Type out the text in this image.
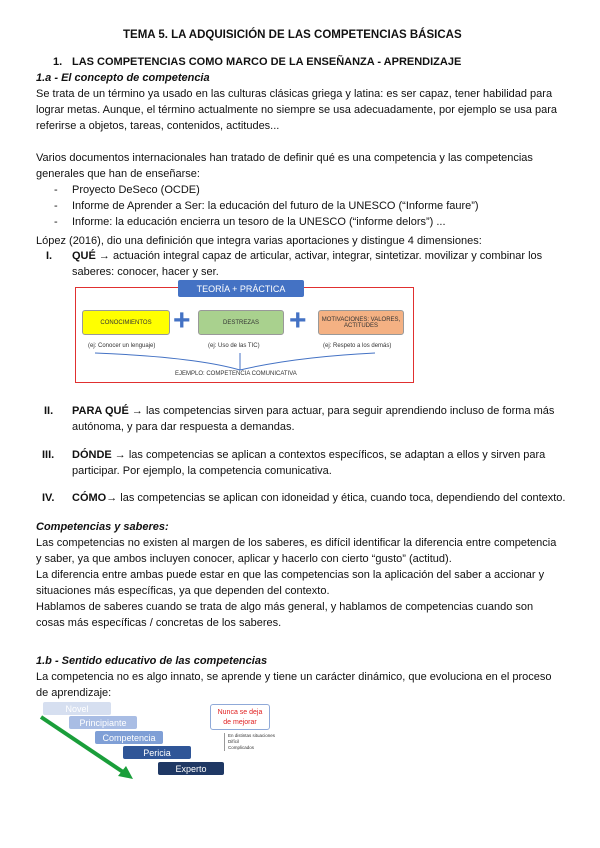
TEMA 5. LA ADQUISICIÓN DE LAS COMPETENCIAS BÁSICAS
1. LAS COMPETENCIAS COMO MARCO DE LA ENSEÑANZA - APRENDIZAJE
1.a - El concepto de competencia
Se trata de un término ya usado en las culturas clásicas griega y latina: es ser capaz, tener habilidad para
lograr metas. Aunque, el término actualmente no siempre se usa adecuadamente, por ejemplo se usa para
referirse a objetos, tareas, contenidos, actitudes...
Varios documentos internacionales han tratado de definir qué es una competencia y las competencias
generales que han de enseñarse:
- Proyecto DeSeco (OCDE)
- Informe de Aprender a Ser: la educación del futuro de la UNESCO (“Informe faure”)
- Informe: la educación encierra un tesoro de la UNESCO (“informe delors”) ...
López (2016), dio una definición que integra varias aportaciones y distingue 4 dimensiones:
I. QUÉ → actuación integral capaz de articular, activar, integrar, sintetizar. movilizar y combinar los
saberes: conocer, hacer y ser.
TEORÍA + PRÁCTICA
CONOCIMIENTOS +	DESTREZAS	+	MOTIVACIONES: VALORES, ACTITUDES
(ej: Conocer un lenguaje)	(ej: Uso de las TIC)	(ej: Respeto a los demás)
EJEMPLO: COMPETENCIA COMUNICATIVA
II. PARA QUÉ → las competencias sirven para actuar, para seguir aprendiendo incluso de forma más
autónoma, y para dar respuesta a demandas.
III. DÓNDE → las competencias se aplican a contextos específicos, se adaptan a ellos y sirven para
participar. Por ejemplo, la competencia comunicativa.
IV. CÓMO→ las competencias se aplican con idoneidad y ética, cuando toca, dependiendo del contexto.
Competencias y saberes:
Las competencias no existen al margen de los saberes, es difícil identificar la diferencia entre competencia
y saber, ya que ambos incluyen conocer, aplicar y hacerlo con cierto “gusto” (actitud).
La diferencia entre ambas puede estar en que las competencias son la aplicación del saber a accionar y
situaciones más específicas, ya que dependen del contexto.
Hablamos de saberes cuando se trata de algo más general, y hablamos de competencias cuando son
cosas más específicas / concretas de los saberes.
1.b - Sentido educativo de las competencias
La competencia no es algo innato, se aprende y tiene un carácter dinámico, que evoluciona en el proceso
de aprendizaje:
Novel
Principiante
Competencia
Pericia
Experto
Nunca se deja
de mejorar
En distintas situaciones
Difícil
Complicados
